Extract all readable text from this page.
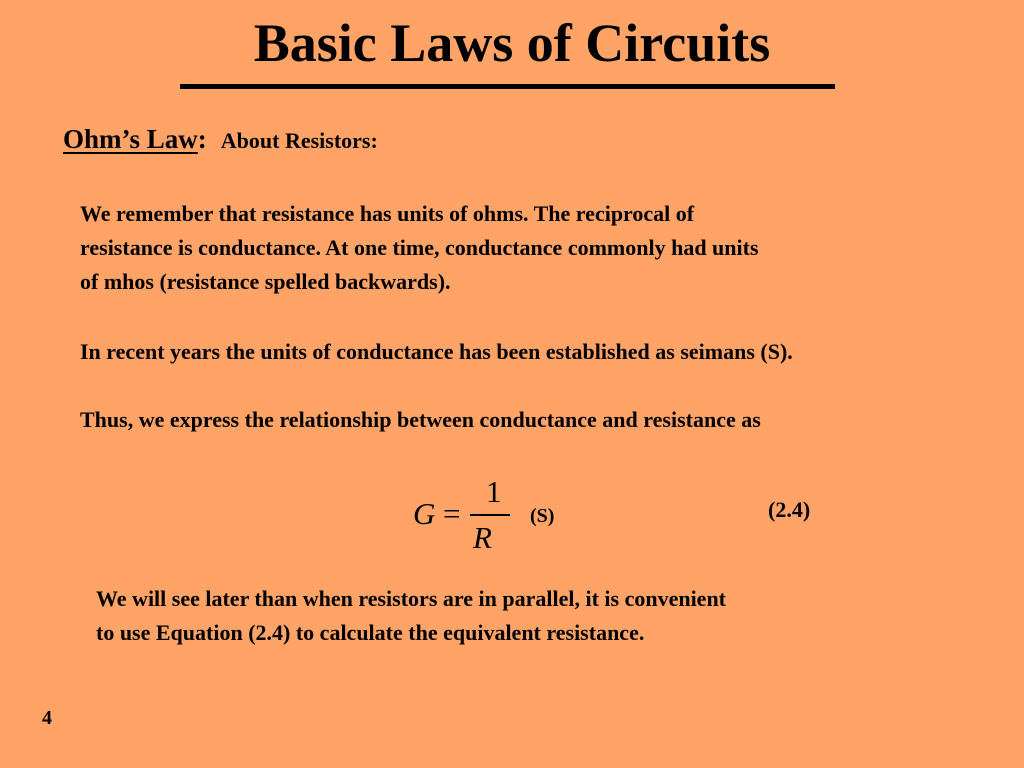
Basic Laws of Circuits
Ohm’s Law: About Resistors:
We remember that resistance has units of ohms. The reciprocal of
resistance is conductance. At one time, conductance commonly had units
of mhos (resistance spelled backwards).
In recent years the units of conductance has been established as seimans (S).
Thus, we express the relationship between conductance and resistance as
G =
1
R
(S)	(2.4)
We will see later than when resistors are in parallel, it is convenient
to use Equation (2.4) to calculate the equivalent resistance.
4
